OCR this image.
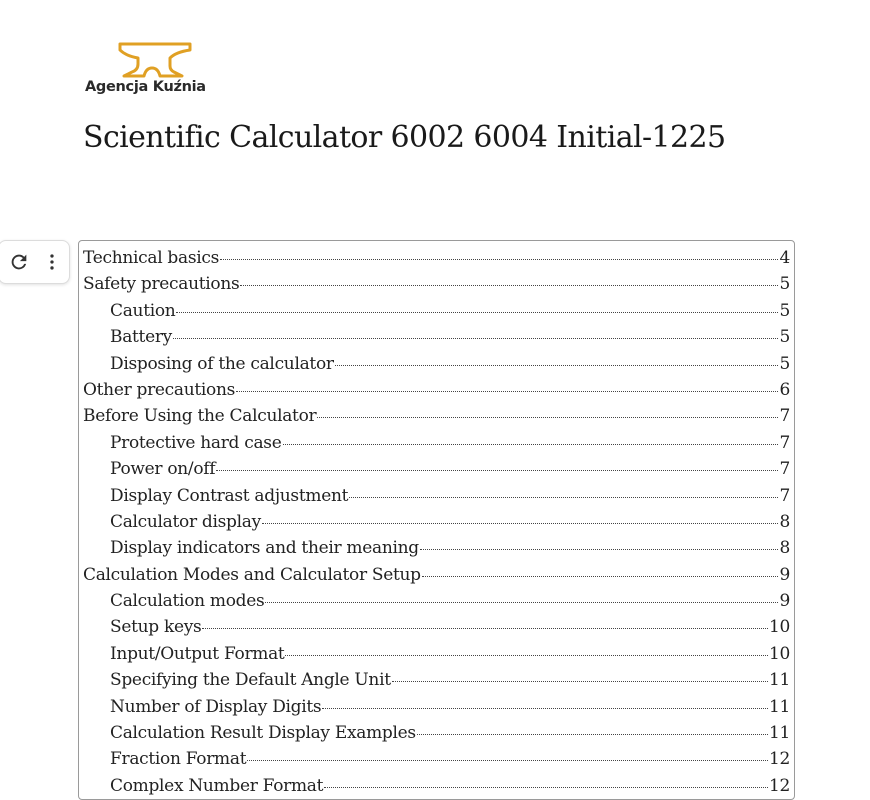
Agencja Kuźnia
Scientific Calculator 6002 6004 Initial-1225
Technical basics	4
Safety precautions	5
Caution	5
Battery	5
Disposing of the calculator	5
Other precautions	6
Before Using the Calculator	7
Protective hard case	7
Power on/off	7
Display Contrast adjustment	7
Calculator display	8
Display indicators and their meaning	8
Calculation Modes and Calculator Setup	9
Calculation modes	9
Setup keys	10
Input/Output Format	10
Specifying the Default Angle Unit	11
Number of Display Digits	11
Calculation Result Display Examples	11
Fraction Format	12
Complex Number Format	12
